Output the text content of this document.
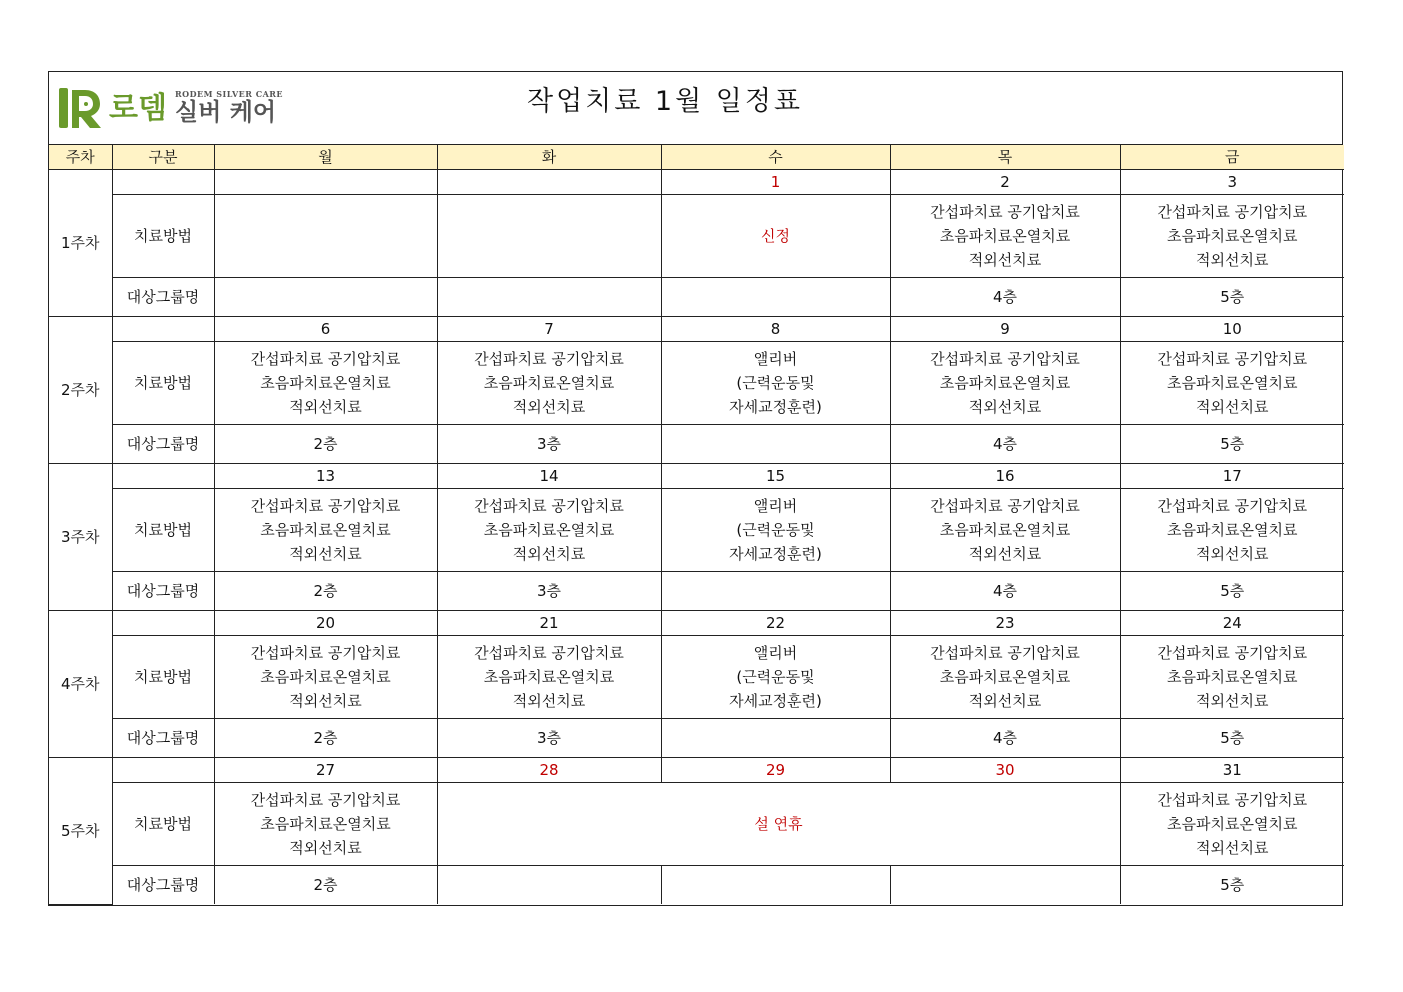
로뎀 RODEM SILVER CARE
실버 케어	작업치료 1월 일정표
주차	구분	월	화	수	목	금
1주차				1	2	3
	치료방법			신정	간섭파치료 공기압치료
초음파치료온열치료
적외선치료	간섭파치료 공기압치료
초음파치료온열치료
적외선치료

	대상그룹명				4층	5층
2주차		6	7	8	9	10
	치료방법	간섭파치료 공기압치료
초음파치료온열치료
적외선치료	간섭파치료 공기압치료
초음파치료온열치료
적외선치료	앨리버
(근력운동및
자세교정훈련)	간섭파치료 공기압치료
초음파치료온열치료
적외선치료	간섭파치료 공기압치료
초음파치료온열치료
적외선치료

	대상그룹명	2층	3층		4층	5층
3주차		13	14	15	16	17
	치료방법	간섭파치료 공기압치료
초음파치료온열치료
적외선치료	간섭파치료 공기압치료
초음파치료온열치료
적외선치료	앨리버
(근력운동및
자세교정훈련)	간섭파치료 공기압치료
초음파치료온열치료
적외선치료	간섭파치료 공기압치료
초음파치료온열치료
적외선치료

	대상그룹명	2층	3층		4층	5층
4주차		20	21	22	23	24
	치료방법	간섭파치료 공기압치료
초음파치료온열치료
적외선치료	간섭파치료 공기압치료
초음파치료온열치료
적외선치료	앨리버
(근력운동및
자세교정훈련)	간섭파치료 공기압치료
초음파치료온열치료
적외선치료	간섭파치료 공기압치료
초음파치료온열치료
적외선치료

	대상그룹명	2층	3층		4층	5층
5주차		27	28	29	30	31
	치료방법	간섭파치료 공기압치료
초음파치료온열치료
적외선치료	설 연휴			간섭파치료 공기압치료
초음파치료온열치료
적외선치료

	대상그룹명	2층				5층
